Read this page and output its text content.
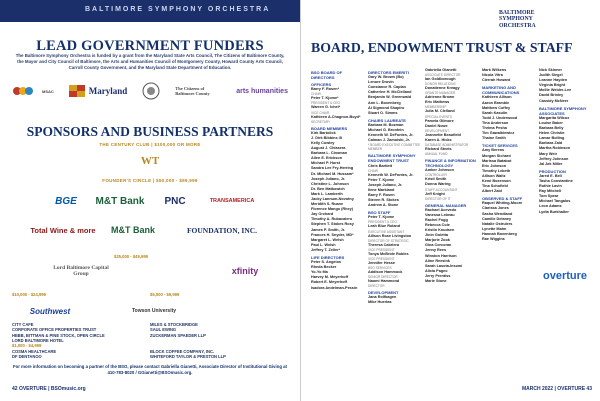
BALTIMORE SYMPHONY ORCHESTRA
LEAD GOVERNMENT FUNDERS
The Baltimore Symphony Orchestra is funded by a grant from the Maryland State Arts Council, The Citizens of Baltimore County, the Mayor and City Council of Baltimore, the Arts and Humanities Council of Montgomery County, Howard County Arts Council, Carroll County Government, and the Maryland State Department of Education.
MSAC	Maryland	The Citizens of Baltimore County	arts humanities
SPONSORS AND BUSINESS PARTNERS
THE CENTURY CLUB | $100,000 OR MORE
WT
FOUNDER'S CIRCLE | $50,000 - $99,999
BGE M&T Bank PNC	TRANSAMERICA
Total Wine & more M&T Bank	FOUNDATION, INC.
$25,000 - $49,999
Lord Baltimore Capital Group	xfinity
$10,000 - $24,999
Southwest	Towson University
$5,000 - $9,999
CITY CAFE
CORPORATE OFFICE PROPERTIES TRUST
HEBB, BITTMAN & PINE STOCK, OPEN CIRCLE
LORD BALTIMORE HOTEL
$1,000 - $4,999
COSMA HEALTHCARE
DF DENTANOO
MILES & STOCKBRIDGE
SAUL EWING
ZUCKERMAN SPAEDER LLP
BLOCK COFFEE COMPANY, INC.
WHITEFORD TAYLOR & PRESTON LLP
For more information on becoming a partner of the BSO, please contact Gabriella Gianetti, Associate Director of Institutional Giving at 410-783-8020 / GGianetti@BSOmusic.org.
42 OVERTURE | BSOmusic.org

BALTIMORE
SYMPHONY
ORCHESTRA

BOARD, ENDOWMENT TRUST & STAFF
BSO BOARD OF DIRECTORS
OFFICERS
Barry F. Rosen*
CHAIR
Peter T. Kjome*
PRESIDENT & CEO
Warren G. Ichel*
VICE CHAIR
Kathleen A.Chagnon-Boyd*
SECRETARY
BOARD MEMBERS
Kirk Bartolick
J. Dirk Bibbins III
Kelly Cowley
August J. Chiasera
Barbara L. Cinoman
Allen E. Erickson
Michael P. Hurst
Sandra Lee Fry-Herring
Dr. Michael M. Hussam*
Joseph Juliano, Jr.
Christine L. Johnson
Dr. Ben Matkowich
Mark L. Lamberth
Jacky Lannum-Novotny
Meridith S. Ruane
Florence Mango (Rhey)
Jay Orchard
Timothy A. Rubacalero
Stephen T. Stokes Rosy
James P. Smith, Jr.
Frances H. Snyder, MD*
Margaret L. Welsh
Paul L. Welsh
Jeffrey T. Zeller*
LIFE DIRECTORS
Peter S. Angelos
Rheda Becker
Yo-Yo Ma
Harvey M. Meyerhoff
Robert E. Meyerhoff
Isadora Andelman-Pessin
DIRECTORS EMERITI
Gary W. Brown (Bo)
Lenore Drovin
Constance R. Caplan
Catherine H. McClelland
Benjamin W. Greenwald
Ann L. Boxenberg
Al Sigmond Shapiro
Stuart O. Simms
CHAIRS LAUREATE
Barbara M. Bozman
Michael G. Bronfein
Kenneth W. DeFontes, Jr.
Calman J. Zamoiski, Jr.
* BOARD EXECUTIVE COMMITTEE MEMBER
BALTIMORE SYMPHONY ENDOWMENT TRUST
Chris Bartlett
CHAIR
Kenneth W. DeFontes, Jr.
Peter T. Kjome
Joseph Juliano, Jr.
Ilene Markland
Barry F. Rosen
Steven R. Stokes
Andrew A. Stone
BSO STAFF
Peter T. Kjome
PRESIDENT & CEO
Leah Blue Roland
EXECUTIVE ASSISTANT
Allison Rose Livingston
DIRECTOR OF STRATEGIC
Theresa Cabriera
VICE PRESIDENT
Tonya McBride Robles
VICE PRESIDENT
Jennifer Hesse
BSO SERVICES
Addison Hammock
SENIOR DIRECTOR
Naomi Hammond
DIRECTOR
DEVELOPMENT
Jana Rolfbagen
Mike Huertas
Gabriella Gianetti
ASSOCIATE DIRECTOR
Ian Goldborough
DONOR RELATIONS
Donatienne Kreagy
GRANTS MANAGER
Adrienne Brown
Eric Mathews
MEMBERSHIP
Julia M. Clelland
SPECIAL EVENTS
Pamela Gilmore
Daniel Nowe
DEVELOPMENT
Jeannette Beaufield
Karen A. Hicks
DATABASE ADMINISTRATOR
Richard Steets
ANNUAL FUND
FINANCE & INFORMATION TECHNOLOGY
Amber Johnson
CONTROLLER
Kristi Smith
Donna Waring
STAFF ACCOUNTANT
Jeff Knight
DIRECTOR OF IT
GENERAL MANAGER
Rachael Acevedo
Vanessa Lebeau
Rachel Fogg
Rebecca Cole
Kristin Knudsen
Jinin Goletta
Marjorie Zook
Gina Corcoran
Jenny Rees
Winston Harrison
Aline Reesink
Sarah Lasota-Insomi
Alicia Pageo
Jerry Prentiss
Marie Stone
Mark Wilkens
Nicola Vitra
Cierrah Howard
MARKETING AND COMMUNICATIONS
Kathleen Allison
Aaron Bramble
Matthew Coffey
Sarah Kasulin
Todd J. Underwood
Tina Anderson
Thrima Pesha
Tim Gawalkiewicz
Thaine Smith
TICKET SERVICES
Amy Berens
Morgan Sichard
Marissa Batabot
Eric Johnson
Timothy Lebeth
Allison Waltz
Kemi Boxenson
Tina Schofield
Albert Zaid
OBSERVED & STAFF
Raquel Whiting-Moore
Clarissa Jones
Sasha Wendland
Camille Delaney
Natalie Ostrulers
Lynette Mahn
Hannah Boxenberg
Rae Wiggins
Nick Skinner
Judith Siegel
Leanne Hayden
Virginia Bright
Mollie Weider-Lee
David Brinley
Cassidy McNeer
BALTIMORE SYMPHONY ASSOCIATES
Margarita Wilcox
Louise Baker
Barbara Belly
Helen Christie
Lamar Bolling
Barbara Zaid
Martha Robinson
Mary Weir
Jeffrey Johnson
Jal Ark Miller
PRODUCTION
Jared E. Bell
Tasha Constantine
Ruthie Lavin
Ray Mitchell
Tom Spear
Michael Tangalos
Leon Adams
Lydia Burkhalter
overture
MARCH 2022 | OVERTURE 43
